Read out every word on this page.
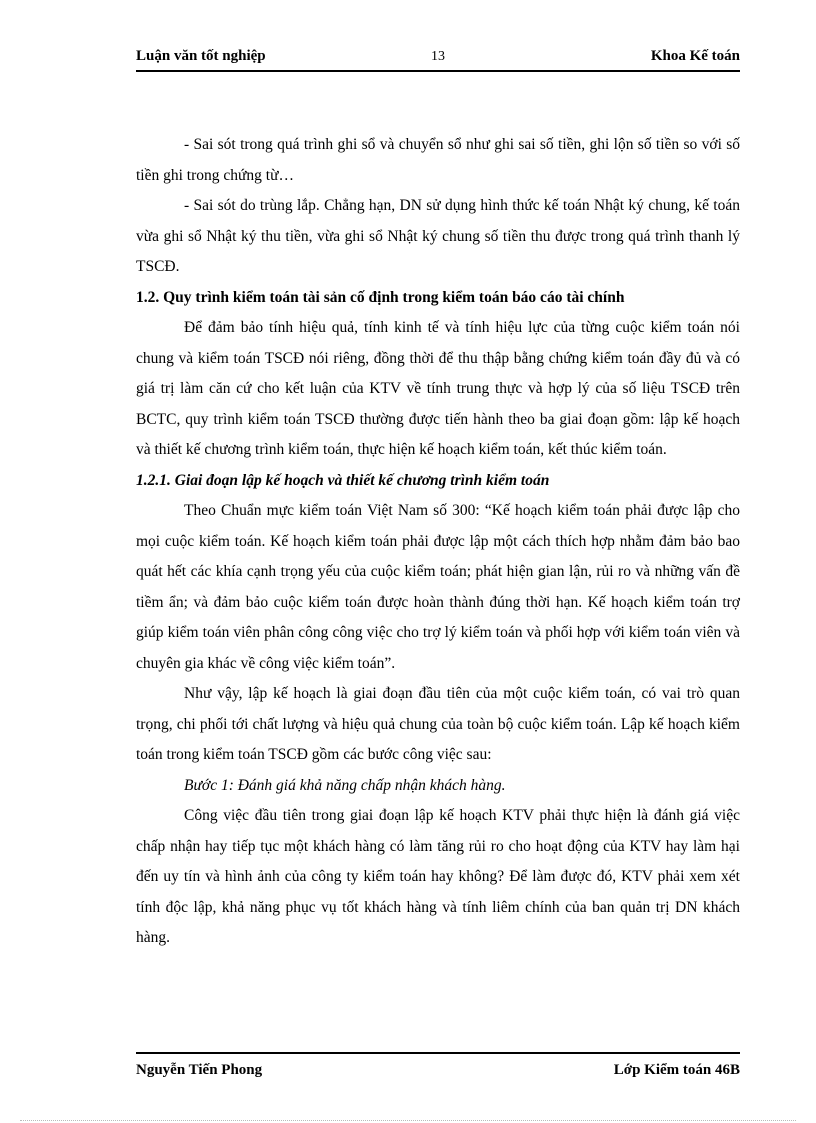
Luận văn tốt nghiệp	13	Khoa Kế toán

- Sai sót trong quá trình ghi sổ và chuyển sổ như ghi sai số tiền, ghi lộn số tiền so với số tiền ghi trong chứng từ…

- Sai sót do trùng lắp. Chẳng hạn, DN sử dụng hình thức kế toán Nhật ký chung, kế toán vừa ghi sổ Nhật ký thu tiền, vừa ghi sổ Nhật ký chung số tiền thu được trong quá trình thanh lý TSCĐ.

1.2. Quy trình kiểm toán tài sản cố định trong kiểm toán báo cáo tài chính

Để đảm bảo tính hiệu quả, tính kinh tế và tính hiệu lực của từng cuộc kiểm toán nói chung và kiểm toán TSCĐ nói riêng, đồng thời để thu thập bằng chứng kiểm toán đầy đủ và có giá trị làm căn cứ cho kết luận của KTV về tính trung thực và hợp lý của số liệu TSCĐ trên BCTC, quy trình kiểm toán TSCĐ thường được tiến hành theo ba giai đoạn gồm: lập kế hoạch và thiết kế chương trình kiểm toán, thực hiện kế hoạch kiểm toán, kết thúc kiểm toán.

1.2.1. Giai đoạn lập kế hoạch và thiết kế chương trình kiểm toán

Theo Chuẩn mực kiểm toán Việt Nam số 300: “Kế hoạch kiểm toán phải được lập cho mọi cuộc kiểm toán. Kế hoạch kiểm toán phải được lập một cách thích hợp nhằm đảm bảo bao quát hết các khía cạnh trọng yếu của cuộc kiểm toán; phát hiện gian lận, rủi ro và những vấn đề tiềm ẩn; và đảm bảo cuộc kiểm toán được hoàn thành đúng thời hạn. Kế hoạch kiểm toán trợ giúp kiểm toán viên phân công công việc cho trợ lý kiểm toán và phối hợp với kiểm toán viên và chuyên gia khác về công việc kiểm toán”.

Như vậy, lập kế hoạch là giai đoạn đầu tiên của một cuộc kiểm toán, có vai trò quan trọng, chi phối tới chất lượng và hiệu quả chung của toàn bộ cuộc kiểm toán. Lập kế hoạch kiểm toán trong kiểm toán TSCĐ gồm các bước công việc sau:

Bước 1: Đánh giá khả năng chấp nhận khách hàng.

Công việc đầu tiên trong giai đoạn lập kế hoạch KTV phải thực hiện là đánh giá việc chấp nhận hay tiếp tục một khách hàng có làm tăng rủi ro cho hoạt động của KTV hay làm hại đến uy tín và hình ảnh của công ty kiểm toán hay không? Để làm được đó, KTV phải xem xét tính độc lập, khả năng phục vụ tốt khách hàng và tính liêm chính của ban quản trị DN khách hàng.

Nguyễn Tiến Phong	Lớp Kiểm toán 46B
